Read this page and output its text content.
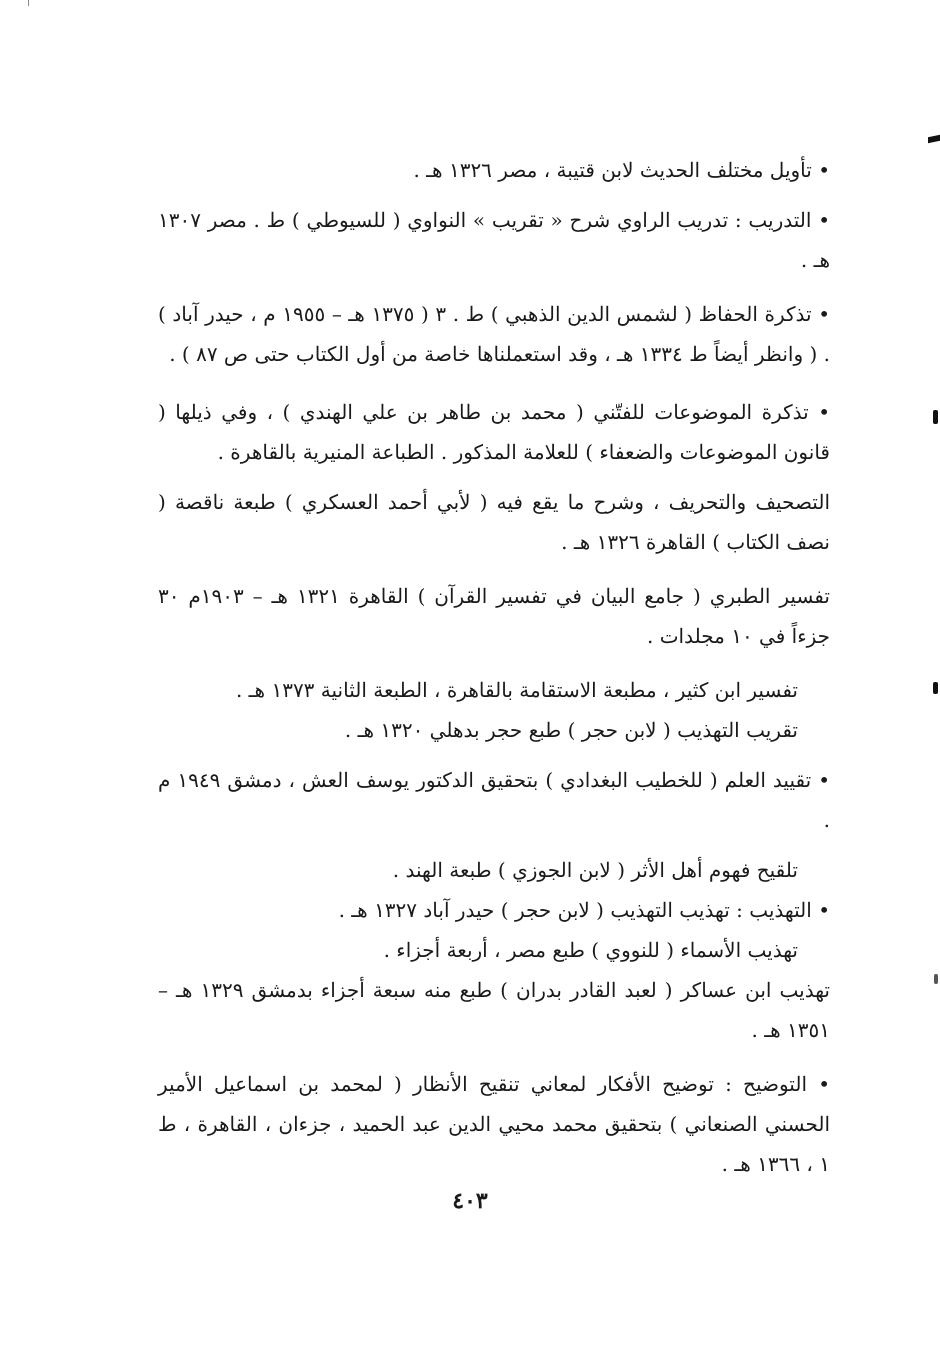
• تأويل مختلف الحديث لابن قتيبة ، مصر ١٣٢٦ هـ .

• التدريب : تدريب الراوي شرح « تقريب » النواوي ( للسيوطي ) ط . مصر ١٣٠٧ هـ .

• تذكرة الحفاظ ( لشمس الدين الذهبي ) ط . ٣ ( ١٣٧٥ هـ – ١٩٥٥ م ، حيدر آباد ) . ( وانظر أيضاً ط ١٣٣٤ هـ ، وقد استعملناها خاصة من أول الكتاب حتى ص ٨٧ ) .

• تذكرة الموضوعات للفتّني ( محمد بن طاهر بن علي الهندي ) ، وفي ذيلها ( قانون الموضوعات والضعفاء ) للعلامة المذكور . الطباعة المنيرية بالقاهرة .

التصحيف والتحريف ، وشرح ما يقع فيه ( لأبي أحمد العسكري ) طبعة ناقصة ( نصف الكتاب ) القاهرة ١٣٢٦ هـ .

تفسير الطبري ( جامع البيان في تفسير القرآن ) القاهرة ١٣٢١ هـ – ١٩٠٣م ٣٠ جزءاً في ١٠ مجلدات .

تفسير ابن كثير ، مطبعة الاستقامة بالقاهرة ، الطبعة الثانية ١٣٧٣ هـ .

تقريب التهذيب ( لابن حجر ) طبع حجر بدهلي ١٣٢٠ هـ .

• تقييد العلم ( للخطيب البغدادي ) بتحقيق الدكتور يوسف العش ، دمشق ١٩٤٩ م .

تلقيح فهوم أهل الأثر ( لابن الجوزي ) طبعة الهند .

• التهذيب : تهذيب التهذيب ( لابن حجر ) حيدر آباد ١٣٢٧ هـ .

تهذيب الأسماء ( للنووي ) طبع مصر ، أربعة أجزاء .

تهذيب ابن عساكر ( لعبد القادر بدران ) طبع منه سبعة أجزاء بدمشق ١٣٢٩ هـ – ١٣٥١ هـ .

• التوضيح : توضيح الأفكار لمعاني تنقيح الأنظار ( لمحمد بن اسماعيل الأمير الحسني الصنعاني ) بتحقيق محمد محيي الدين عبد الحميد ، جزءان ، القاهرة ، ط ١ ، ١٣٦٦ هـ .

٤٠٣
